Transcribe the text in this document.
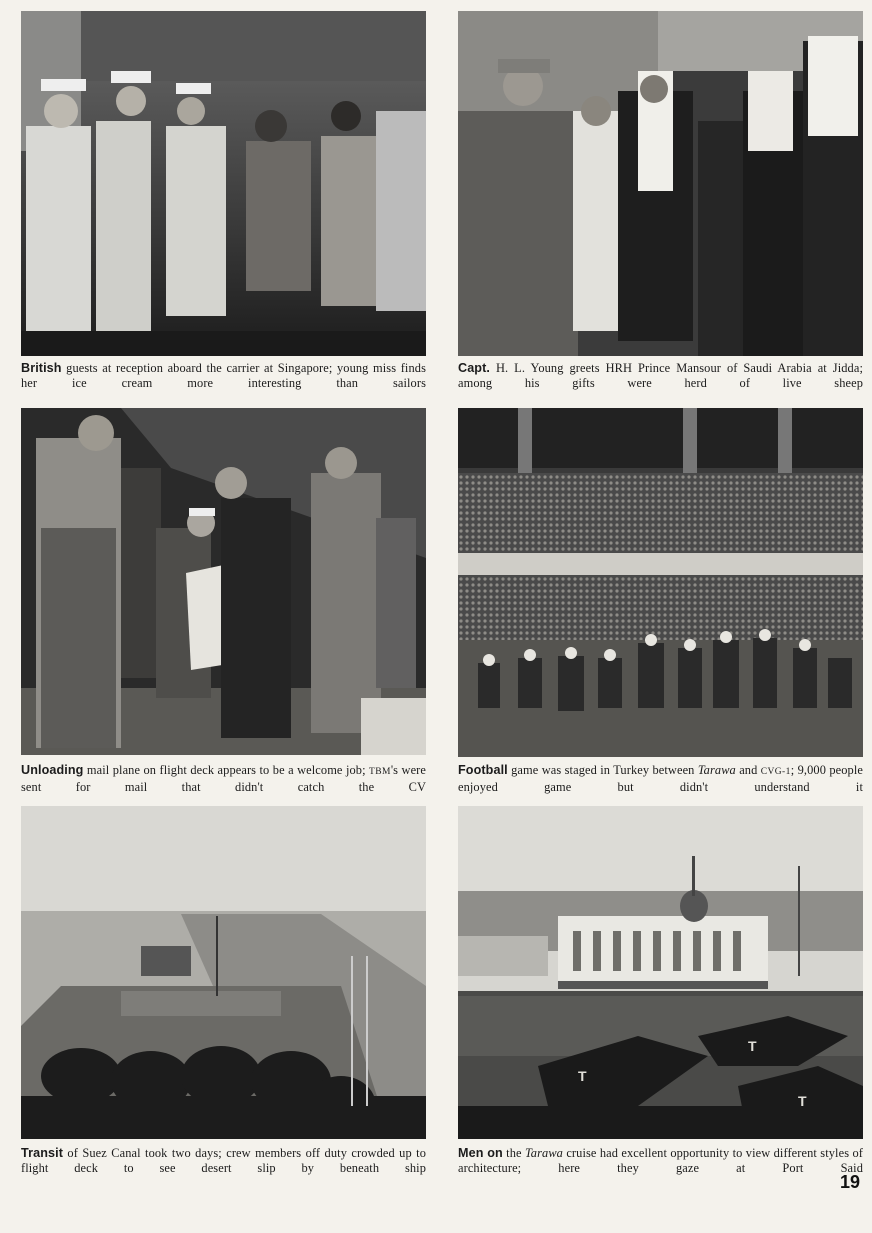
British guests at reception aboard the carrier at Singapore; young miss finds her ice cream more interesting than sailors
Capt. H. L. Young greets HRH Prince Mansour of Saudi Arabia at Jidda; among his gifts were herd of live sheep
Unloading mail plane on flight deck appears to be a welcome job; TBM's were sent for mail that didn't catch the CV
Football game was staged in Turkey between Tarawa and CVG-1; 9,000 people enjoyed game but didn't understand it
T
T
T
Transit of Suez Canal took two days; crew members off duty crowded up to flight deck to see desert slip by beneath ship
Men on the Tarawa cruise had excellent opportunity to view different styles of architecture; here they gaze at Port Said
19
